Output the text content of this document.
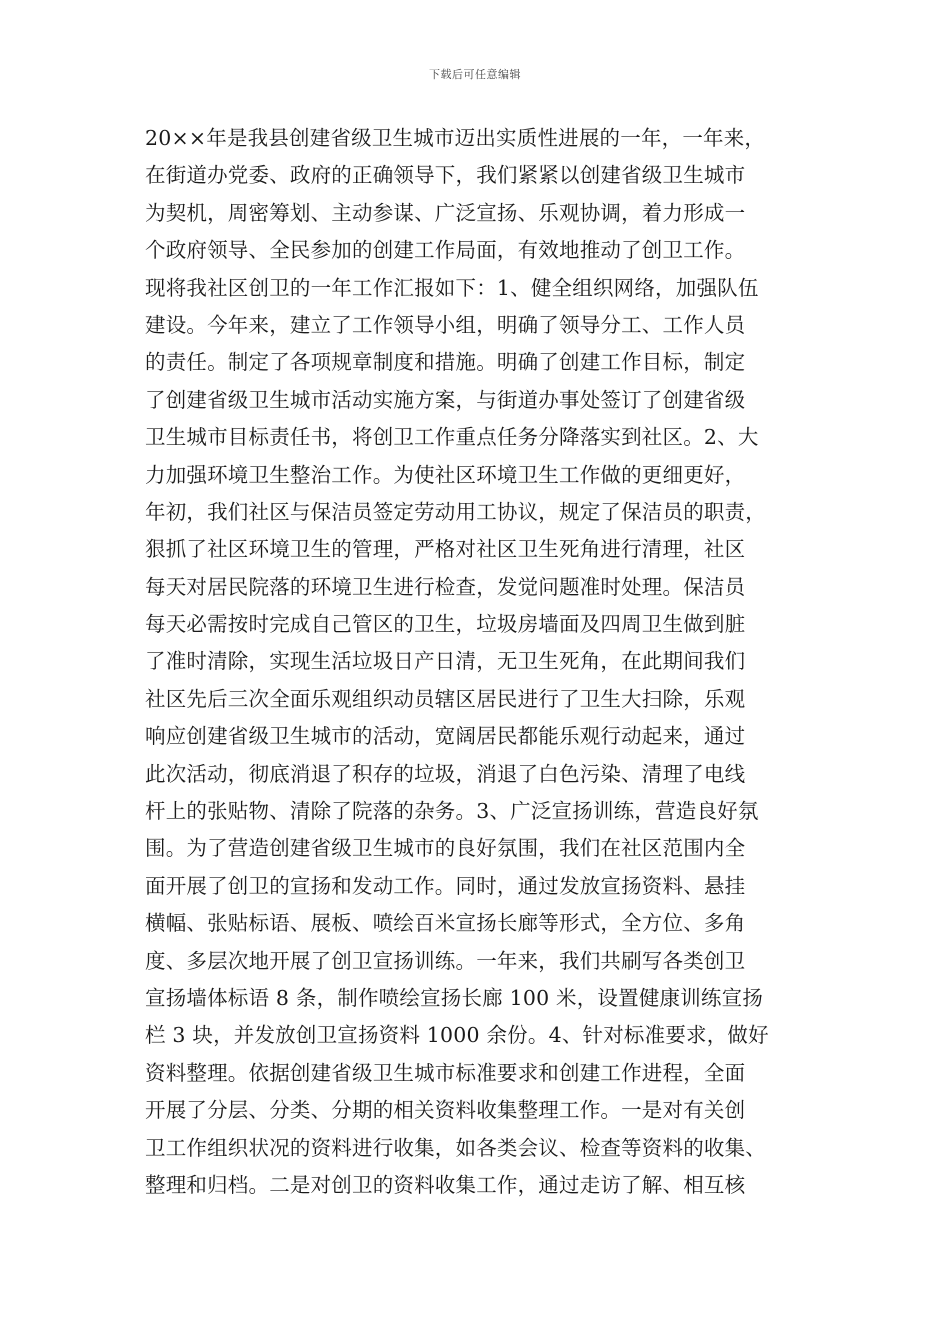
下载后可任意编辑
20××年是我县创建省级卫生城市迈出实质性进展的一年，一年来，
在街道办党委、政府的正确领导下，我们紧紧以创建省级卫生城市
为契机，周密筹划、主动参谋、广泛宣扬、乐观协调，着力形成一
个政府领导、全民参加的创建工作局面，有效地推动了创卫工作。
现将我社区创卫的一年工作汇报如下：1、健全组织网络，加强队伍
建设。今年来，建立了工作领导小组，明确了领导分工、工作人员
的责任。制定了各项规章制度和措施。明确了创建工作目标，制定
了创建省级卫生城市活动实施方案，与街道办事处签订了创建省级
卫生城市目标责任书，将创卫工作重点任务分降落实到社区。2、大
力加强环境卫生整治工作。为使社区环境卫生工作做的更细更好，
年初，我们社区与保洁员签定劳动用工协议，规定了保洁员的职责，
狠抓了社区环境卫生的管理，严格对社区卫生死角进行清理，社区
每天对居民院落的环境卫生进行检查，发觉问题准时处理。保洁员
每天必需按时完成自己管区的卫生，垃圾房墙面及四周卫生做到脏
了准时清除，实现生活垃圾日产日清，无卫生死角，在此期间我们
社区先后三次全面乐观组织动员辖区居民进行了卫生大扫除，乐观
响应创建省级卫生城市的活动，宽阔居民都能乐观行动起来，通过
此次活动，彻底消退了积存的垃圾，消退了白色污染、清理了电线
杆上的张贴物、清除了院落的杂务。3、广泛宣扬训练，营造良好氛
围。为了营造创建省级卫生城市的良好氛围，我们在社区范围内全
面开展了创卫的宣扬和发动工作。同时，通过发放宣扬资料、悬挂
横幅、张贴标语、展板、喷绘百米宣扬长廊等形式，全方位、多角
度、多层次地开展了创卫宣扬训练。一年来，我们共刷写各类创卫
宣扬墙体标语 8 条，制作喷绘宣扬长廊 100 米，设置健康训练宣扬
栏 3 块，并发放创卫宣扬资料 1000 余份。4、针对标准要求，做好
资料整理。依据创建省级卫生城市标准要求和创建工作进程，全面
开展了分层、分类、分期的相关资料收集整理工作。一是对有关创
卫工作组织状况的资料进行收集，如各类会议、检查等资料的收集、
整理和归档。二是对创卫的资料收集工作，通过走访了解、相互核
